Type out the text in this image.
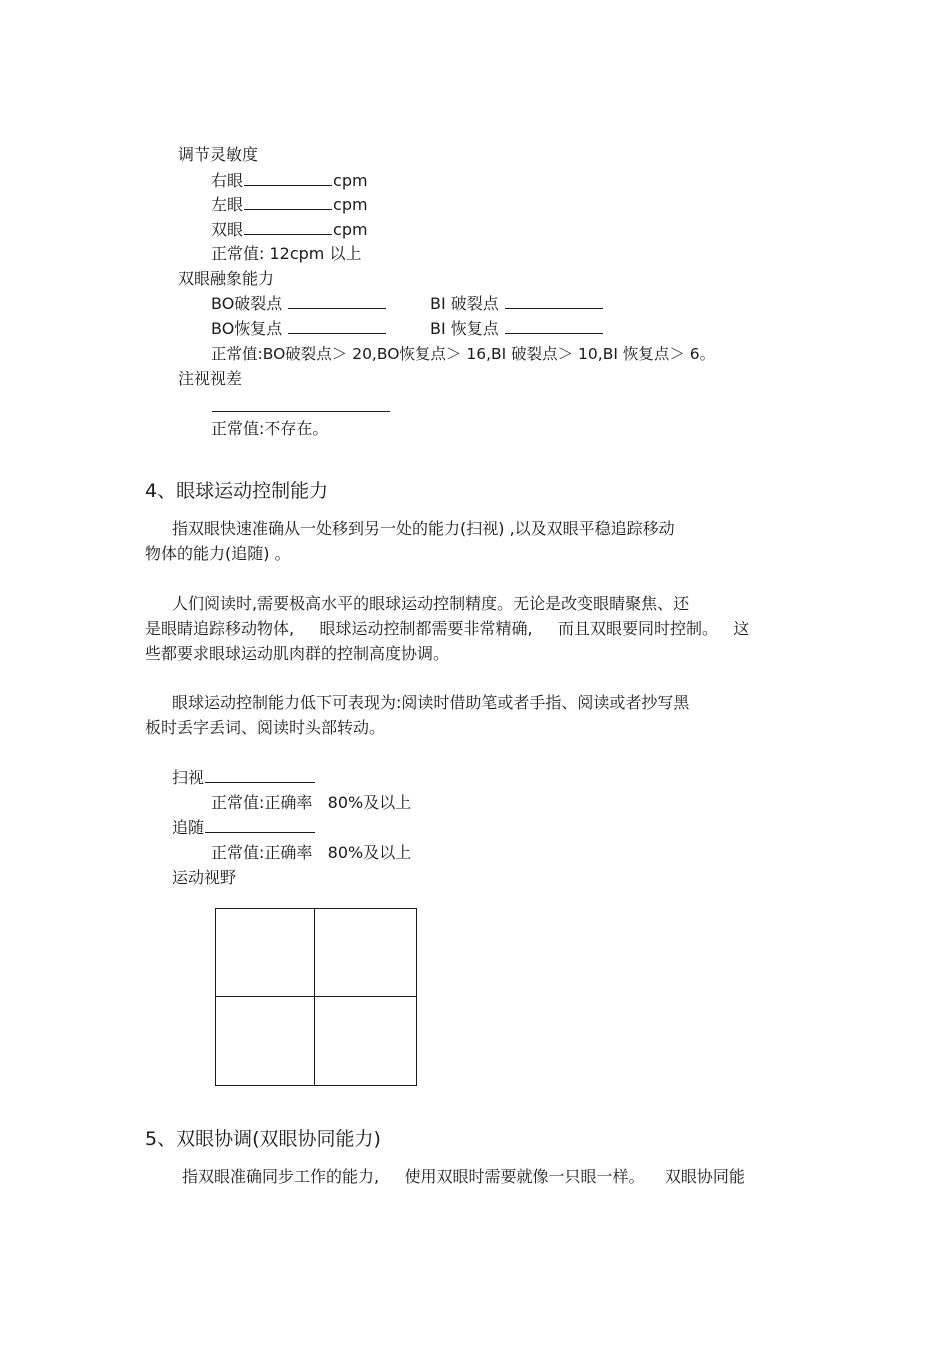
调节灵敏度
右眼	cpm
左眼	cpm
双眼	cpm
正常值: 12cpm 以上
双眼融象能力
BO破裂点	BI 破裂点
BO恢复点	BI 恢复点
正常值:BO破裂点＞ 20,BO恢复点＞ 16,BI 破裂点＞ 10,BI 恢复点＞ 6。
注视视差
正常值:不存在。
4、眼球运动控制能力
指双眼快速准确从一处移到另一处的能力(扫视) ,以及双眼平稳追踪移动
物体的能力(追随) 。
人们阅读时,需要极高水平的眼球运动控制精度。无论是改变眼睛聚焦、还
是眼睛追踪移动物体,     眼球运动控制都需要非常精确,     而且双眼要同时控制。   这
些都要求眼球运动肌肉群的控制高度协调。
眼球运动控制能力低下可表现为:阅读时借助笔或者手指、阅读或者抄写黑
板时丢字丢词、阅读时头部转动。
扫视
正常值:正确率   80%及以上
追随
正常值:正确率   80%及以上
运动视野
5、双眼协调(双眼协同能力)
指双眼准确同步工作的能力,     使用双眼时需要就像一只眼一样。    双眼协同能
